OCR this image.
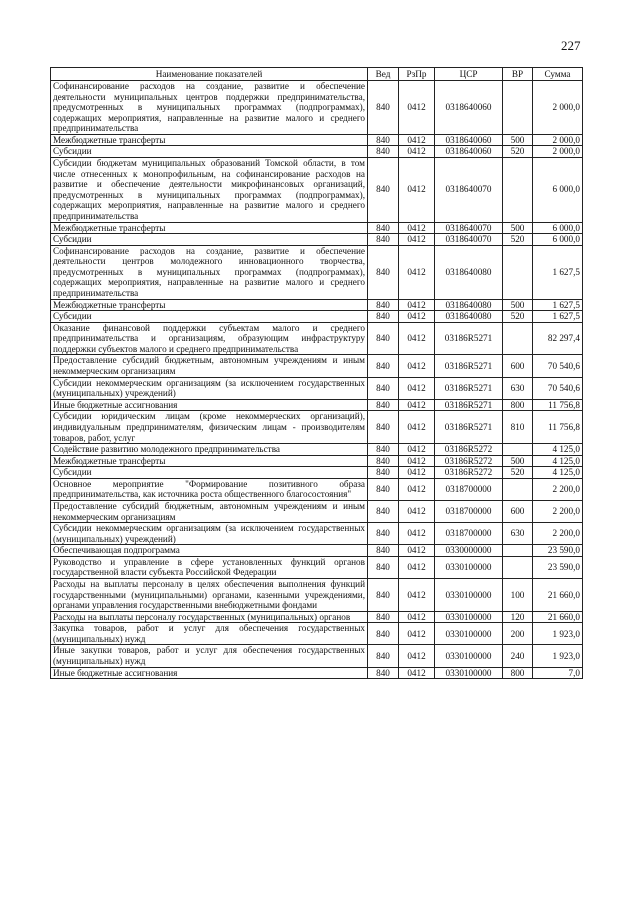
227
Наименование показателей	Вед	РзПр	ЦСР	ВР	Сумма
Софинансирование расходов на создание, развитие и обеспечение деятельности муниципальных центров поддержки предпринимательства, предусмотренных в муниципальных программах (подпрограммах), содержащих мероприятия, направленные на развитие малого и среднего предпринимательства	840	0412	0318640060		2 000,0
Межбюджетные трансферты	840	0412	0318640060	500	2 000,0
Субсидии	840	0412	0318640060	520	2 000,0
Субсидии бюджетам муниципальных образований Томской области, в том числе отнесенных к монопрофильным, на софинансирование расходов на развитие и обеспечение деятельности микрофинансовых организаций, предусмотренных в муниципальных программах (подпрограммах), содержащих мероприятия, направленные на развитие малого и среднего предпринимательства	840	0412	0318640070		6 000,0
Межбюджетные трансферты	840	0412	0318640070	500	6 000,0
Субсидии	840	0412	0318640070	520	6 000,0
Софинансирование расходов на создание, развитие и обеспечение деятельности центров молодежного инновационного творчества, предусмотренных в муниципальных программах (подпрограммах), содержащих мероприятия, направленные на развитие малого и среднего предпринимательства	840	0412	0318640080		1 627,5
Межбюджетные трансферты	840	0412	0318640080	500	1 627,5
Субсидии	840	0412	0318640080	520	1 627,5
Оказание финансовой поддержки субъектам малого и среднего предпринимательства и организациям, образующим инфраструктуру поддержки субъектов малого и среднего предпринимательства	840	0412	03186R5271		82 297,4
Предоставление субсидий бюджетным, автономным учреждениям и иным некоммерческим организациям	840	0412	03186R5271	600	70 540,6
Субсидии некоммерческим организациям (за исключением государственных (муниципальных) учреждений)	840	0412	03186R5271	630	70 540,6
Иные бюджетные ассигнования	840	0412	03186R5271	800	11 756,8
Субсидии юридическим лицам (кроме некоммерческих организаций), индивидуальным предпринимателям, физическим лицам - производителям товаров, работ, услуг	840	0412	03186R5271	810	11 756,8
Содействие развитию молодежного предпринимательства	840	0412	03186R5272		4 125,0
Межбюджетные трансферты	840	0412	03186R5272	500	4 125,0
Субсидии	840	0412	03186R5272	520	4 125,0
Основное мероприятие "Формирование позитивного образа предпринимательства, как источника роста общественного благосостояния"	840	0412	0318700000		2 200,0
Предоставление субсидий бюджетным, автономным учреждениям и иным некоммерческим организациям	840	0412	0318700000	600	2 200,0
Субсидии некоммерческим организациям (за исключением государственных (муниципальных) учреждений)	840	0412	0318700000	630	2 200,0
Обеспечивающая подпрограмма	840	0412	0330000000		23 590,0
Руководство и управление в сфере установленных функций органов государственной власти субъекта Российской Федерации	840	0412	0330100000		23 590,0
Расходы на выплаты персоналу в целях обеспечения выполнения функций государственными (муниципальными) органами, казенными учреждениями, органами управления государственными внебюджетными фондами	840	0412	0330100000	100	21 660,0
Расходы на выплаты персоналу государственных (муниципальных) органов	840	0412	0330100000	120	21 660,0
Закупка товаров, работ и услуг для обеспечения государственных (муниципальных) нужд	840	0412	0330100000	200	1 923,0
Иные закупки товаров, работ и услуг для обеспечения государственных (муниципальных) нужд	840	0412	0330100000	240	1 923,0
Иные бюджетные ассигнования	840	0412	0330100000	800	7,0
